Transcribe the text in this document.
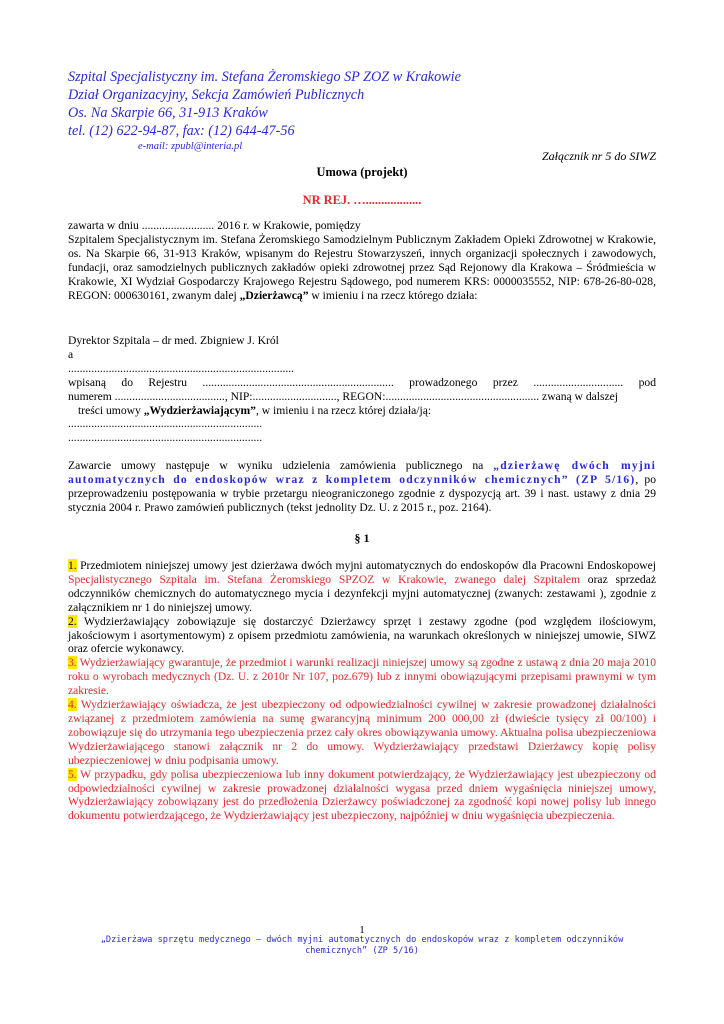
Szpital Specjalistyczny im. Stefana Żeromskiego SP ZOZ w Krakowie
Dział Organizacyjny, Sekcja Zamówień Publicznych
Os. Na Skarpie 66, 31-913 Kraków
tel. (12) 622-94-87, fax: (12) 644-47-56
e-mail: zpubl@interia.pl
Załącznik nr 5 do SIWZ
Umowa (projekt)
NR REJ. …..................
zawarta w dniu ......................... 2016 r. w Krakowie, pomiędzy
Szpitalem Specjalistycznym im. Stefana Żeromskiego Samodzielnym Publicznym Zakładem Opieki Zdrowotnej w Krakowie, os. Na Skarpie 66, 31-913 Kraków, wpisanym do Rejestru Stowarzyszeń, innych organizacji społecznych i zawodowych, fundacji, oraz samodzielnych publicznych zakładów opieki zdrowotnej przez Sąd Rejonowy dla Krakowa – Śródmieścia w Krakowie, XI Wydział Gospodarczy Krajowego Rejestru Sądowego, pod numerem KRS: 0000035552, NIP: 678-26-80-028, REGON: 000630161, zwanym dalej „Dzierżawcą” w imieniu i na rzecz którego działa:
Dyrektor Szpitala – dr med. Zbigniew J. Król
a
..............................................................................
wpisaną do Rejestru .................................................................. prowadzonego przez ............................... pod
numerem ......................................, NIP:............................., REGON:..................................................... zwaną w dalszej
treści umowy „Wydzierżawiającym”, w imieniu i na rzecz której działa/ją:
...................................................................
...................................................................
Zawarcie umowy następuje w wyniku udzielenia zamówienia publicznego na „dzierżawę dwóch myjni automatycznych do endoskopów wraz z kompletem odczynników chemicznych” (ZP 5/16), po przeprowadzeniu postępowania w trybie przetargu nieograniczonego zgodnie z dyspozycją art. 39 i nast. ustawy z dnia 29 stycznia 2004 r. Prawo zamówień publicznych (tekst jednolity Dz. U. z 2015 r., poz. 2164).
§ 1
1. Przedmiotem niniejszej umowy jest dzierżawa dwóch myjni automatycznych do endoskopów dla Pracowni Endoskopowej Specjalistycznego Szpitala im. Stefana Żeromskiego SPZOZ w Krakowie, zwanego dalej Szpitalem oraz sprzedaż odczynników chemicznych do automatycznego mycia i dezynfekcji myjni automatycznej (zwanych: zestawami ), zgodnie z załącznikiem nr 1 do niniejszej umowy.
2. Wydzierżawiający zobowiązuje się dostarczyć Dzierżawcy sprzęt i zestawy zgodne (pod względem ilościowym, jakościowym i asortymentowym) z opisem przedmiotu zamówienia, na warunkach określonych w niniejszej umowie, SIWZ oraz ofercie wykonawcy.
3. Wydzierżawiający gwarantuje, że przedmiot i warunki realizacji niniejszej umowy są zgodne z ustawą z dnia 20 maja 2010 roku o wyrobach medycznych (Dz. U. z 2010r Nr 107, poz.679) lub z innymi obowiązującymi przepisami prawnymi w tym zakresie.
4. Wydzierżawiający oświadcza, że jest ubezpieczony od odpowiedzialności cywilnej w zakresie prowadzonej działalności związanej z przedmiotem zamówienia na sumę gwarancyjną minimum 200 000,00 zł (dwieście tysięcy zł 00/100) i zobowiązuje się do utrzymania tego ubezpieczenia przez cały okres obowiązywania umowy. Aktualna polisa ubezpieczeniowa Wydzierżawiającego stanowi załącznik nr 2 do umowy. Wydzierżawiający przedstawi Dzierżawcy kopię polisy ubezpieczeniowej w dniu podpisania umowy.
5. W przypadku, gdy polisa ubezpieczeniowa lub inny dokument potwierdzający, że Wydzierżawiający jest ubezpieczony od odpowiedzialności cywilnej w zakresie prowadzonej działalności wygasa przed dniem wygaśnięcia niniejszej umowy, Wydzierżawiający zobowiązany jest do przedłożenia Dzierżawcy poświadczonej za zgodność kopi nowej polisy lub innego dokumentu potwierdzającego, że Wydzierżawiający jest ubezpieczony, najpóźniej w dniu wygaśnięcia ubezpieczenia.
1
„Dzierżawa sprzętu medycznego – dwóch myjni automatycznych do endoskopów wraz z kompletem odczynników
chemicznych” (ZP 5/16)
